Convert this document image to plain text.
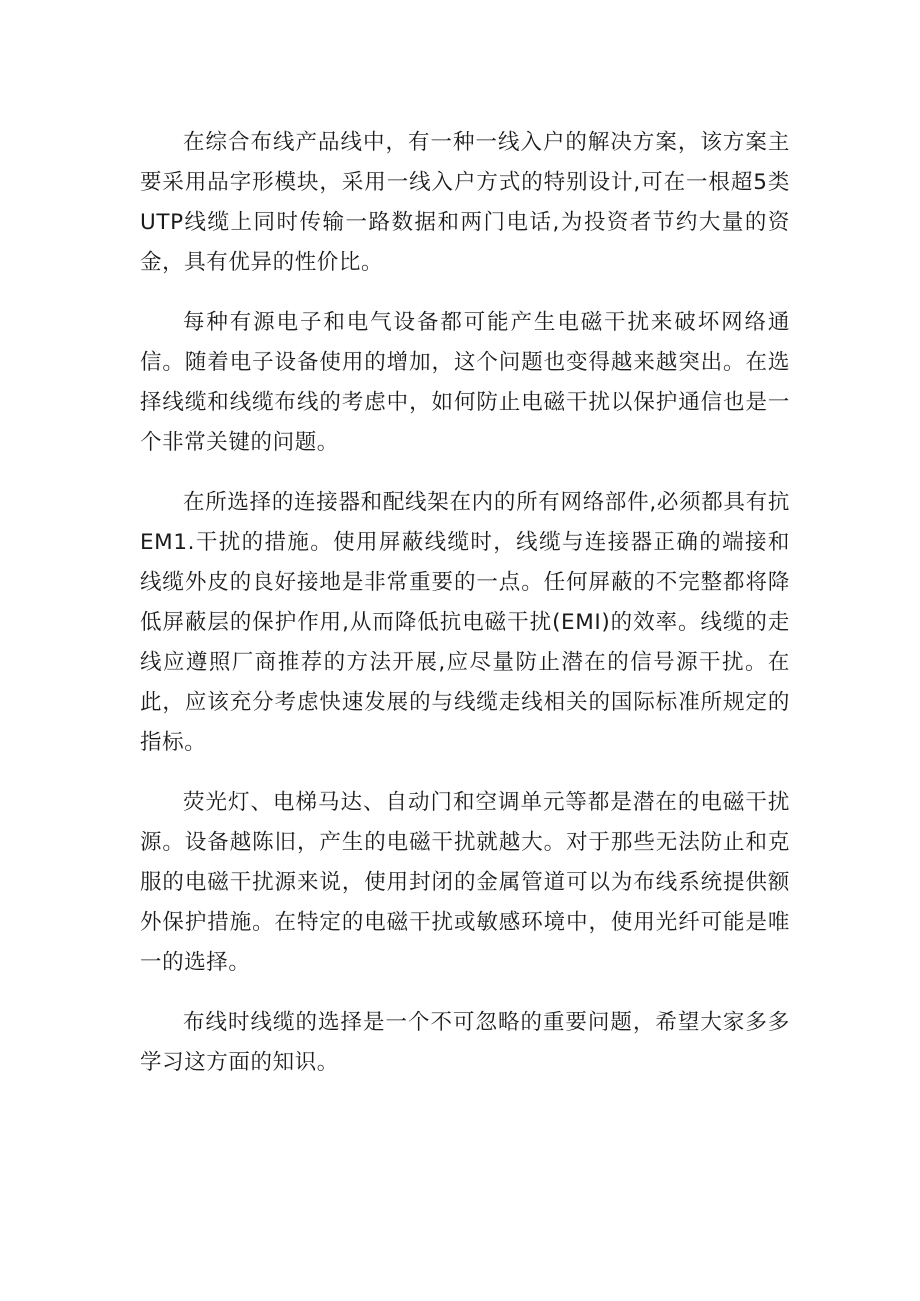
在综合布线产品线中，有一种一线入户的解决方案，该方案主要采用品字形模块，采用一线入户方式的特别设计,可在一根超5类UTP线缆上同时传输一路数据和两门电话,为投资者节约大量的资金，具有优异的性价比。

每种有源电子和电气设备都可能产生电磁干扰来破坏网络通信。随着电子设备使用的增加，这个问题也变得越来越突出。在选择线缆和线缆布线的考虑中，如何防止电磁干扰以保护通信也是一个非常关键的问题。

在所选择的连接器和配线架在内的所有网络部件,必须都具有抗EM1.干扰的措施。使用屏蔽线缆时，线缆与连接器正确的端接和线缆外皮的良好接地是非常重要的一点。任何屏蔽的不完整都将降低屏蔽层的保护作用,从而降低抗电磁干扰(EMI)的效率。线缆的走线应遵照厂商推荐的方法开展,应尽量防止潜在的信号源干扰。在此，应该充分考虑快速发展的与线缆走线相关的国际标准所规定的指标。

荧光灯、电梯马达、自动门和空调单元等都是潜在的电磁干扰源。设备越陈旧，产生的电磁干扰就越大。对于那些无法防止和克服的电磁干扰源来说，使用封闭的金属管道可以为布线系统提供额外保护措施。在特定的电磁干扰或敏感环境中，使用光纤可能是唯一的选择。

布线时线缆的选择是一个不可忽略的重要问题，希望大家多多学习这方面的知识。
